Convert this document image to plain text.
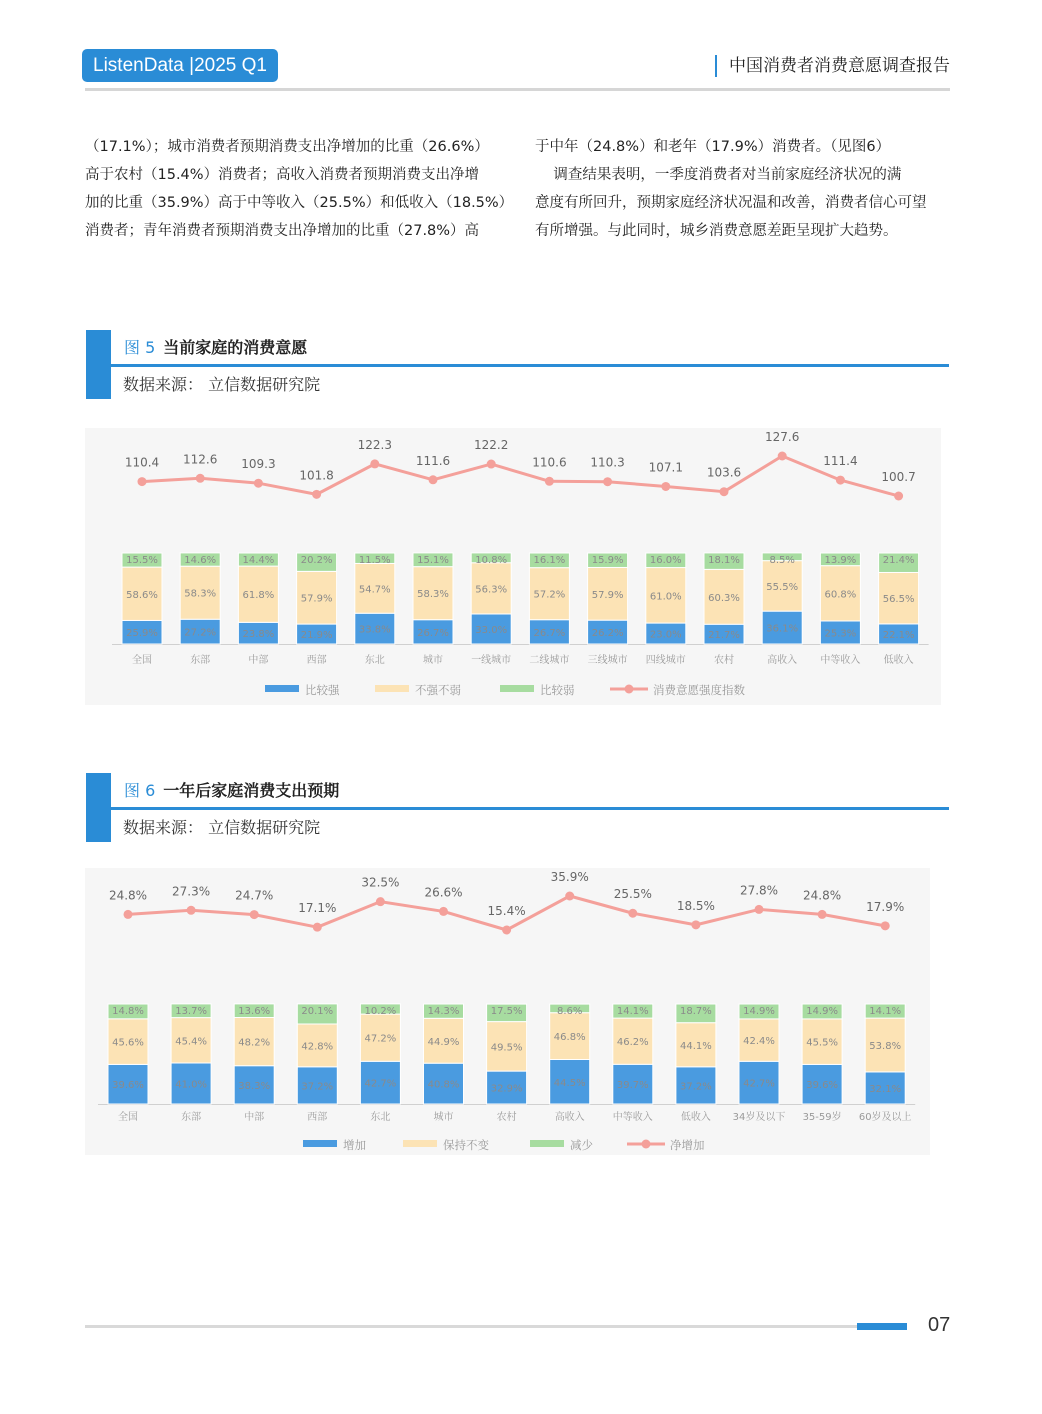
ListenData |2025 Q1	中国消费者消费意愿调查报告

（17.1%）；城市消费者预期消费支出净增加的比重（26.6%）

高于农村（15.4%）消费者；高收入消费者预期消费支出净增

加的比重（35.9%）高于中等收入（25.5%）和低收入（18.5%）

消费者；青年消费者预期消费支出净增加的比重（27.8%）高

于中年（24.8%）和老年（17.9%）消费者。（见图6）

调查结果表明，一季度消费者对当前家庭经济状况的满

意度有所回升，预期家庭经济状况温和改善，消费者信心可望

有所增强。与此同时，城乡消费意愿差距呈现扩大趋势。

图 5 当前家庭的消费意愿
数据来源： 立信数据研究院
25.9%
58.6%
15.5%
全国
27.2%
58.3%
14.6%
东部
23.8%
61.8%
14.4%
中部
21.9%
57.9%
20.2%
西部
33.8%
54.7%
11.5%
东北
26.7%
58.3%
15.1%
城市
33.0%
56.3%
10.8%
一线城市
26.7%
57.2%
16.1%
二线城市
26.2%
57.9%
15.9%
三线城市
23.0%
61.0%
16.0%
四线城市
21.7%
60.3%
18.1%
农村
36.1%
55.5%
8.5%
高收入
25.3%
60.8%
13.9%
中等收入
22.1%
56.5%
21.4%
低收入
110.4 112.6 109.3
101.8
122.3
111.6
122.2
110.6 110.3 107.1 103.6
127.6
111.4
100.7
比较强	不强不弱	比较弱	消费意愿强度指数
图 6 一年后家庭消费支出预期
数据来源： 立信数据研究院
39.6%
45.6%
14.8%
全国
41.0%
45.4%
13.7%
东部
38.3%
48.2%
13.6%
中部
37.2%
42.8%
20.1%
西部
42.7%
47.2%
10.2%
东北
40.8%
44.9%
14.3%
城市
32.9%
49.5%
17.5%
农村
44.5%
46.8%
8.6%
高收入
39.7%
46.2%
14.1%
中等收入
37.2%
44.1%
18.7%
低收入
42.7%
42.4%
14.9%
34岁及以下
39.6%
45.5%
14.9%
35-59岁
32.1%
53.8%
14.1%
60岁及以上
24.8% 27.3% 24.7%
17.1%
32.5%
26.6%
15.4%
35.9%
25.5%
18.5%
27.8% 24.8%
17.9%
增加	保持不变	减少	净增加
07
